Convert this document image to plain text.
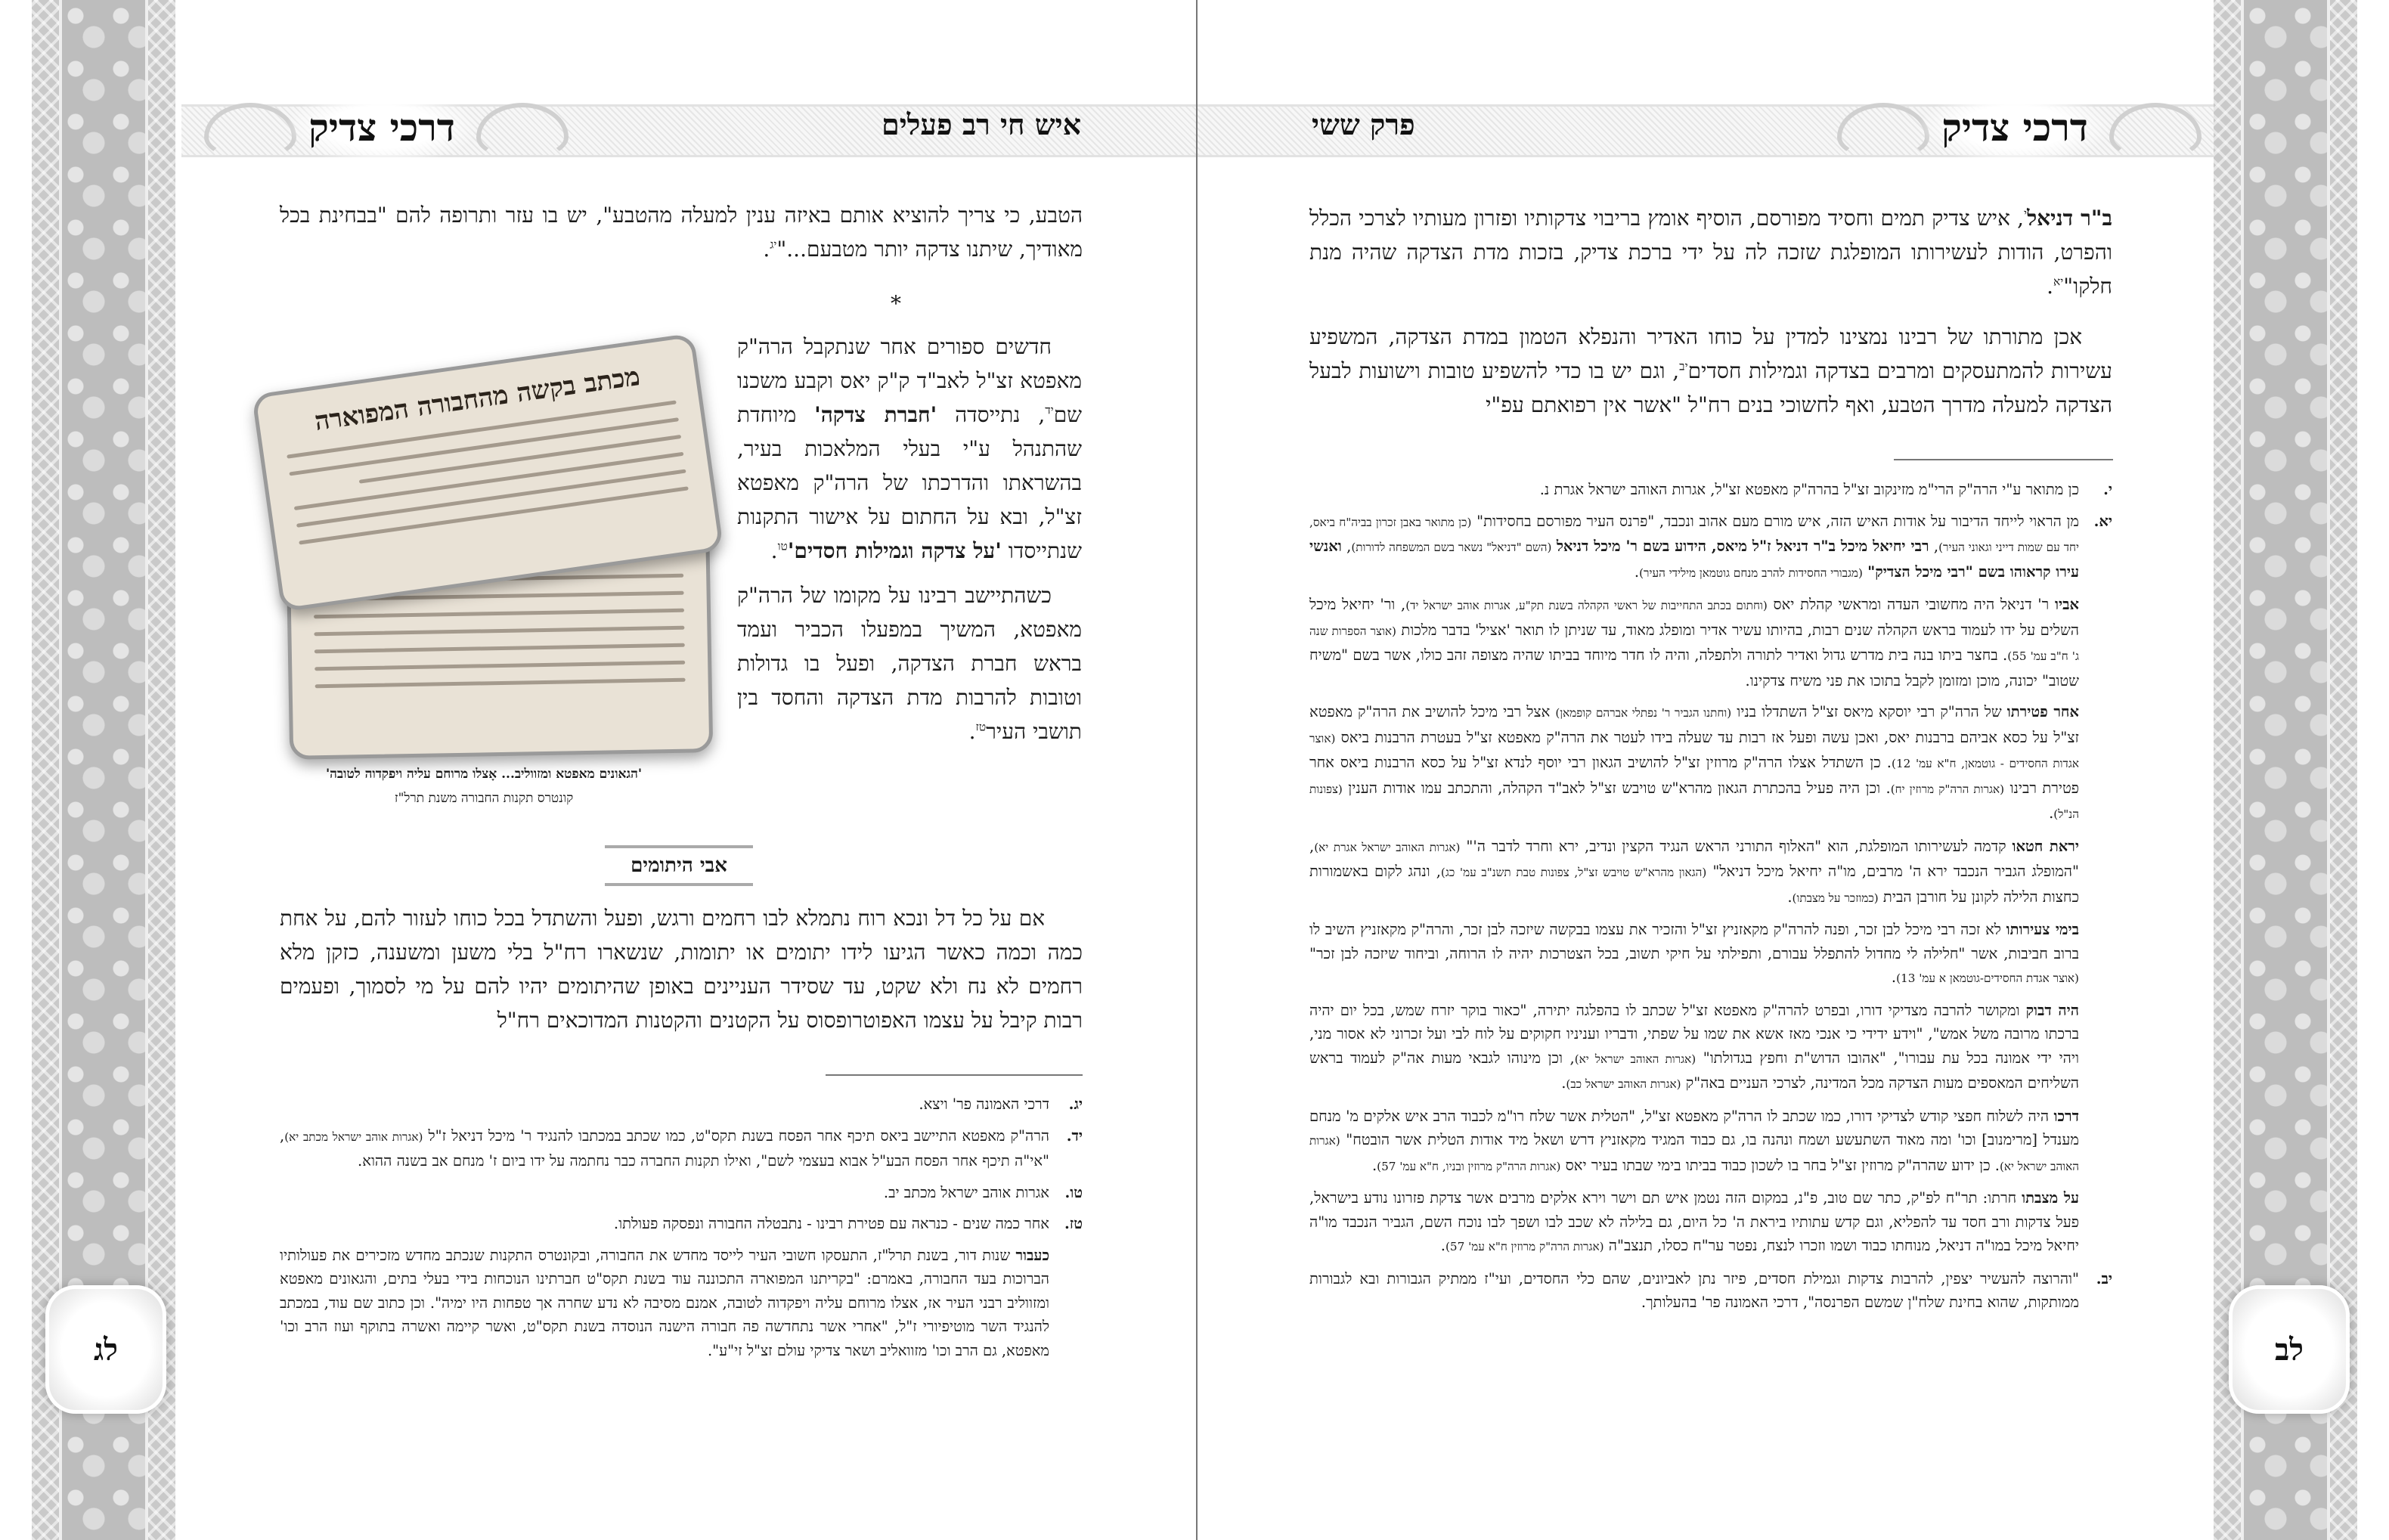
דרכי צדיק	דרכי צדיק
איש חי רב פעלים	פרק ששי

הטבע, כי צריך להוציא אותם באיזה ענין למעלה מהטבע", יש בו עזר ותרופה להם "בבחינת בכל מאודיך, שיתנו צדקה יותר מטבעם..."$^{יג}$.

*
מכתב בקשה מהחבורה המפוארה

חדשים ספורים אחר שנתקבל הרה"ק מאפטא זצ"ל לאב"ד ק"ק יאס וקבע משכנו שם$^{יד}$, נתייסדה 'חברת צדקה' מיוחדת שהתנהל ע"י בעלי המלאכות בעיר, בהשראתו והדרכתו של הרה"ק מאפטא זצ"ל, ובא על החתום על אישור התקנות שנתייסדו 'על צדקה וגמילות $חסדים'^{טו}$.

כשהתיישב רבינו על מקומו של הרה"ק מאפטא, המשיך במפעלו הכביר ועמד בראש חברת הצדקה, ופעל בו גדולות וטובות להרבות מדת הצדקה והחסד בין תושבי העיר$^{טז}$.

'הגאונים מאפטא ומזווליב... אָצלו מרוחם עליה ויפקדוה לטובה'
קונטרס תקנות החבורה משנת תרל"ז
אבי היתומים

אם על כל דל ונכא רוח נתמלא לבו רחמים ורגש, ופעל והשתדל בכל כוחו לעזור להם, על אחת כמה וכמה כאשר הגיעו לידו יתומים או יתומות, שנשארו רח"ל בלי משען ומשענה, כזקן מלא רחמים לא נח ולא שקט, עד שסידר העניינים באופן שהיתומים יהיו להם על מי לסמוך, ופעמים רבות קיבל על עצמו האפוטרופסוס על הקטנים והקטנות המדוכאים רח"ל

יג.
דרכי האמונה פר' ויצא.
יד.
הרה"ק מאפטא התיישב ביאס תיכף אחר הפסח בשנת תקס"ט, כמו שכתב במכתבו להנגיד ר' מיכל דניאל ז"ל (אגרות אוהב ישראל מכתב יא), "אי"ה תיכף אחר הפסח הבע"ל אבוא בעצמי לשם", ואילו תקנות החברה כבר נחתמה על ידו ביום ז' מנחם אב בשנה ההוא.
טו.
אגרות אוהב ישראל מכתב יב.
טז.
אחר כמה שנים - כנראה עם פטירת רבינו - נתבטלה החבורה ונפסקה פעולתו.
כעבור שנות דור, בשנת תרל"ז, התעסקו חשובי העיר לייסד מחדש את החבורה, ובקונטרס התקנות שנכתב מחדש מזכירים את פעולותיו הברוכות בעד החבורה, באמרם: "בקריתנו המפוארה התכוננה עוד בשנת תקס"ט חברתינו הנוכחות בידי בעלי בתים, והגאונים מאפטא ומזווליב רבני העיר אז, אצלו מרוחם עליה ויפקדוה לטובה, אמנם מסיבה לא נדע שחרה אך טפחות היו ימיה". וכן כתוב שם עוד, במכתב להנגיד השר מוטיפיורי ז"ל, "אחרי אשר נתחדשה פה חבורה הישנה הנוסדה בשנת תקס"ט, ואשר קיימה ואשרה בתוקף ועוז הרב וכו' מאפטא, גם הרב וכו' מזוואליב ושאר צדיקי עולם זצ"ל זי"ע".
לג

ב"ר דניאל$^י$, איש צדיק תמים וחסיד מפורסם, הוסיף אומץ בריבוי צדקותיו ופזרון מעותיו לצרכי הכלל והפרט, הודות לעשירותו המופלגת שזכה לה על ידי ברכת צדיק, בזכות מדת הצדקה שהיה מנת חלקו"$^{יא}$.

אכן מתורתו של רבינו נמצינו למדין על כוחו האדיר והנפלא הטמון במדת הצדקה, המשפיע עשירות להמתעסקים ומרבים בצדקה וגמילות חסדים$^{יב}$, וגם יש בו כדי להשפיע טובות וישועות לבעל הצדקה למעלה מדרך הטבע, ואף לחשוכי בנים רח"ל "אשר אין רפואתם עפ"י

י.
כן מתואר ע"י הרה"ק הרי"מ מזינקוב זצ"ל בהרה"ק מאפטא זצ"ל, אגרות האוהב ישראל אגרת נ.
יא.
מן הראוי לייחד הדיבור על אודות האיש הזה, איש מורם מעם אהוב ונכבד, "פרנס העיר מפורסם בחסידות" (כן מתואר באבן זכרון בביה"ח ביאס, יחד עם שמות דייני וגאוני העיר), רבי יחיאל מיכל ב"ר דניאל ז"ל מיאס, הידוע בשם ר' מיכל דניאל (השם "דניאל" נשאר בשם המשפחה לדורות), ואנשי עירו קראוהו בשם "רבי מיכל הצדיק" (מגבורי החסידות להרב מנחם גוטמאן מילידי העיר).
אביו ר' דניאל היה מחשובי העדה ומראשי קהלת יאס (וחתום בכתב התחייבות של ראשי הקהלה בשנת תק"ע, אגרות אוהב ישראל יד), ור' יחיאל מיכל השלים על ידו לעמוד בראש הקהלה שנים רבות, בהיותו עשיר אדיר ומופלג מאוד, עד שניתן לו תואר 'אציל' בדבר מלכות (אוצר הספרות שנה ג' ח"ב עמ' 55). בחצר ביתו בנה בית מדרש גדול ואדיר לתורה ולתפלה, והיה לו חדר מיוחד בביתו שהיה מצופה זהב כולו, אשר בשם "משיח שטוב" יכונה, מוכן ומזומן לקבל בתוכו את פני משיח צדקינו.
אחר פטירתו של הרה"ק רבי יוסקא מיאס זצ"ל השתדלו בניו (וחתנו הגביר ר' נפתלי אברהם קופמאן) אצל רבי מיכל להושיב את הרה"ק מאפטא זצ"ל על כסא אביהם ברבנות יאס, ואכן עשה ופעל אז רבות עד שעלה בידו לעטר את הרה"ק מאפטא זצ"ל בעטרת הרבנות ביאס (אוצר אגדות החסידים - גוטמאן, ח"א עמ' 12). כן השתדל אצלו הרה"ק מרוזין זצ"ל להושיב הגאון רבי יוסף לנדא זצ"ל על כסא הרבנות ביאס אחר פטירת רבינו (אגרות הרה"ק מרוזין יח). וכן היה פעיל בהכתרת הגאון מהרא"ש טויבש זצ"ל לאב"ד הקהלה, והתכתב עמו אודות הענין (צפונות הנ"ל).
יראת חטאו קדמה לעשירותו המופלגת, הוא "האלוף התורני הראש הנגיד הקצין ונדיב, ירא וחרד לדבר ה'" (אגרות האוהב ישראל אגרת יא), "המופלג הגביר הנכבד ירא ה' מרבים, מו"ה יחיאל מיכל דניאל" (הגאון מהרא"ש טויבש זצ"ל, צפונות טבת תשנ"ב עמ' כג), ונהג לקום באשמורות כחצות הלילה לקונן על חורבן הבית (כמוזכר על מצבתו).
בימי צעירותו לא זכה רבי מיכל לבן זכר, ופנה להרה"ק מקאזניץ זצ"ל והזכיר את עצמו בבקשה שיזכה לבן זכר, והרה"ק מקאזניץ השיב לו ברוב חביבות, אשר "חלילה לי מחדול להתפלל עבורם, ותפילתי על חיקי תשוב, בכל הצטרכות יהיה לו הרוחה, וביחוד שיזכה לבן זכר" (אוצר אגדת החסידים-גוטמאן א עמ' 13).
היה דבוק ומקושר להרבה מצדיקי דורו, ובפרט להרה"ק מאפטא זצ"ל שכתב לו בהפלגה יתירה, "כאור בוקר יזרח שמש, בכל יום יהיה ברכתו מרובה משל אמש", "וידע ידידי כי אנכי מאז אשא את שמו על שפתי, ודבריו ועניניו חקוקים על לוח לבי ועל זכרוני לא אסור מני, ויהי ידי אמונה בכל עת עבורו", "אהובו הדוש"ת וחפץ בגדולתו" (אגרות האוהב ישראל יא), וכן מינוהו לגבאי מעות אה"ק לעמוד בראש השליחים המאספים מעות הצדקה מכל המדינה, לצרכי העניים באה"ק (אגרות האוהב ישראל כב).
דרכו היה לשלוח חפצי קודש לצדיקי דורו, כמו שכתב לו הרה"ק מאפטא זצ"ל, "הטלית אשר שלח רו"מ לכבוד הרב איש אלקים מ' מנחם מענדל [מרימנוב] וכו' ומה מאוד השתעשע ושמח ונהנה בו, גם כבוד המגיד מקאזניץ דרש ושאל מיד אודות הטלית אשר הובטח" (אגרות האוהב ישראל יא). כן ידוע שהרה"ק מרוזין זצ"ל בחר בו לשכון כבוד בביתו בימי שבתו בעיר יאס (אגרות הרה"ק מרוזין ובניו, ח"א עמ' 57).
על מצבתו חרתו: תר"ח לפ"ק, כתר שם טוב, פ"נ, במקום הזה נטמן איש תם וישר וירא אלקים מרבים אשר צדקת פזרונו נודע בישראל, פעל צדקות ורב חסד עד להפליא, וגם קדש עתותיו ביראת ה' כל היום, גם בלילה לא שכב לבו ושפך לבו נוכח השם, הגביר הנכבד מו"ה יחיאל מיכל במו"ה דניאל, מנוחתו כבוד ושמו וזכרו לנצח, נפטר ער"ח כסלו, תנצב"ה (אגרות הרה"ק מרוזין ח"א עמ' 57).
יב.
"והרוצה להעשיר יצפין, להרבות צדקות וגמילת חסדים, פיזר נתן לאביונים, שהם כלי החסדים, ועי"ז ממתיק הגבורות ובא לגבורות ממותקות, שהוא בחינת שלח"ן שמשם הפרנסה", דרכי האמונה פר' בהעלותך.
לב
